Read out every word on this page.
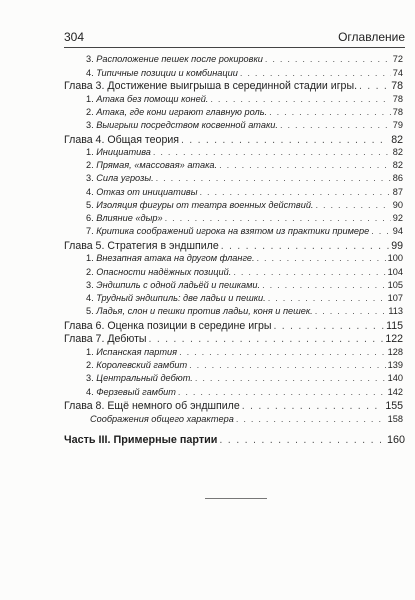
304	Оглавление
3. Расположение пешек после рокировки . . .	72
4. Типичные позиции и комбинации . . .	74
Глава 3. Достижение выигрыша в серединной стадии игры. . . .	78
1. Атака без помощи коней. . . .	78
2. Атака, где кони играют главную роль. . . .	78
3. Выигрыш посредством косвенной атаки. . . .	79
Глава 4. Общая теория . . .	82
1. Инициатива . . .	82
2. Прямая, «массовая» атака. . . .	82
3. Сила угрозы. . . .	86
4. Отказ от инициативы . . .	87
5. Изоляция фигуры от театра военных действий. . . .	90
6. Влияние «дыр» . . .	92
7. Критика соображений игрока на взятом из практики примере . . .	94
Глава 5. Стратегия в эндшпиле . . .	99
1. Внезапная атака на другом фланге. . . .	100
2. Опасности надёжных позиций. . . .	104
3. Эндшпиль с одной ладьёй и пешками. . . .	105
4. Трудный эндшпиль: две ладьи и пешки. . . .	107
5. Ладья, слон и пешки против ладьи, коня и пешек. . . .	113
Глава 6. Оценка позиции в середине игры . . .	115
Глава 7. Дебюты . . .	122
1. Испанская партия . . .	128
2. Королевский гамбит . . .	139
3. Центральный дебют. . . .	140
4. Ферзевый гамбит . . .	142
Глава 8. Ещё немного об эндшпиле . . .	155
Соображения общего характера . . .	158
Часть III. Примерные партии . . .	160
